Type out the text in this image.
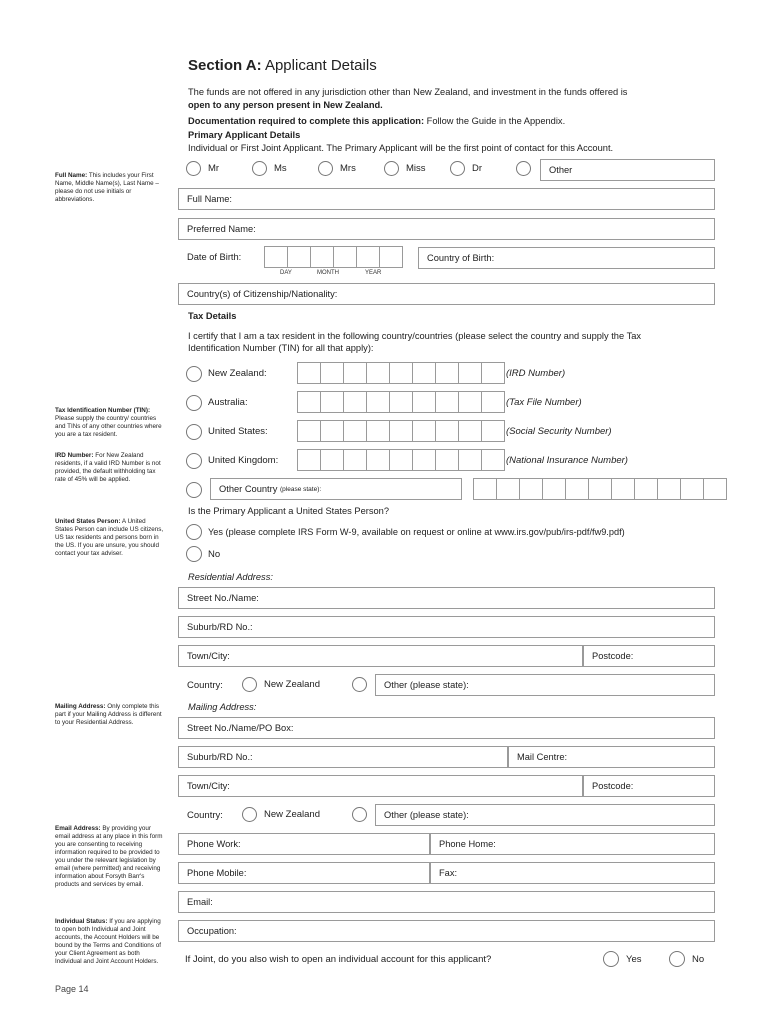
Section A: Applicant Details
The funds are not offered in any jurisdiction other than New Zealand, and investment in the funds offered is
open to any person present in New Zealand.
Documentation required to complete this application: Follow the Guide in the Appendix.
Primary Applicant Details
Individual or First Joint Applicant. The Primary Applicant will be the first point of contact for this Account.
Mr	Ms	Mrs	Miss	Dr	Other
Full Name: This includes your First Name, Middle Name(s), Last Name – please do not use initials or abbreviations.
Tax Identification Number (TIN): Please supply the country/ countries and TINs of any other countries where you are a tax resident.
IRD Number: For New Zealand residents, if a valid IRD Number is not provided, the default withholding tax rate of 45% will be applied.
United States Person: A United States Person can include US citizens, US tax residents and persons born in the US. If you are unsure, you should contact your tax adviser.
Mailing Address: Only complete this part if your Mailing Address is different to your Residential Address.
Email Address: By providing your email address at any place in this form you are consenting to receiving information required to be provided to you under the relevant legislation by email (where permitted) and receiving information about Forsyth Barr's products and services by email.
Individual Status: If you are applying to open both Individual and Joint accounts, the Account Holders will be bound by the Terms and Conditions of your Client Agreement as both Individual and Joint Account Holders.
Full Name:
Preferred Name:
Date of Birth:
DAY	MONTH	YEAR
Country of Birth:
Country(s) of Citizenship/Nationality:
Tax Details
I certify that I am a tax resident in the following country/countries (please select the country and supply the Tax
Identification Number (TIN) for all that apply):
New Zealand:	(IRD Number)
Australia:	(Tax File Number)
United States:	(Social Security Number)
United Kingdom:	(National Insurance Number)
Other Country
(please state):
Is the Primary Applicant a United States Person?
Yes (please complete IRS Form W-9, available on request or online at www.irs.gov/pub/irs-pdf/fw9.pdf)
No
Residential Address:
Street No./Name:
Suburb/RD No.:
Town/City:	Postcode:
Country:	New Zealand	Other (please state):
Mailing Address:
Street No./Name/PO Box:
Suburb/RD No.:	Mail Centre:
Town/City:	Postcode:
Country:	New Zealand	Other (please state):
Phone Work:	Phone Home:
Phone Mobile:	Fax:
Email:
Occupation:
If Joint, do you also wish to open an individual account for this applicant?	Yes	No
Page 14
